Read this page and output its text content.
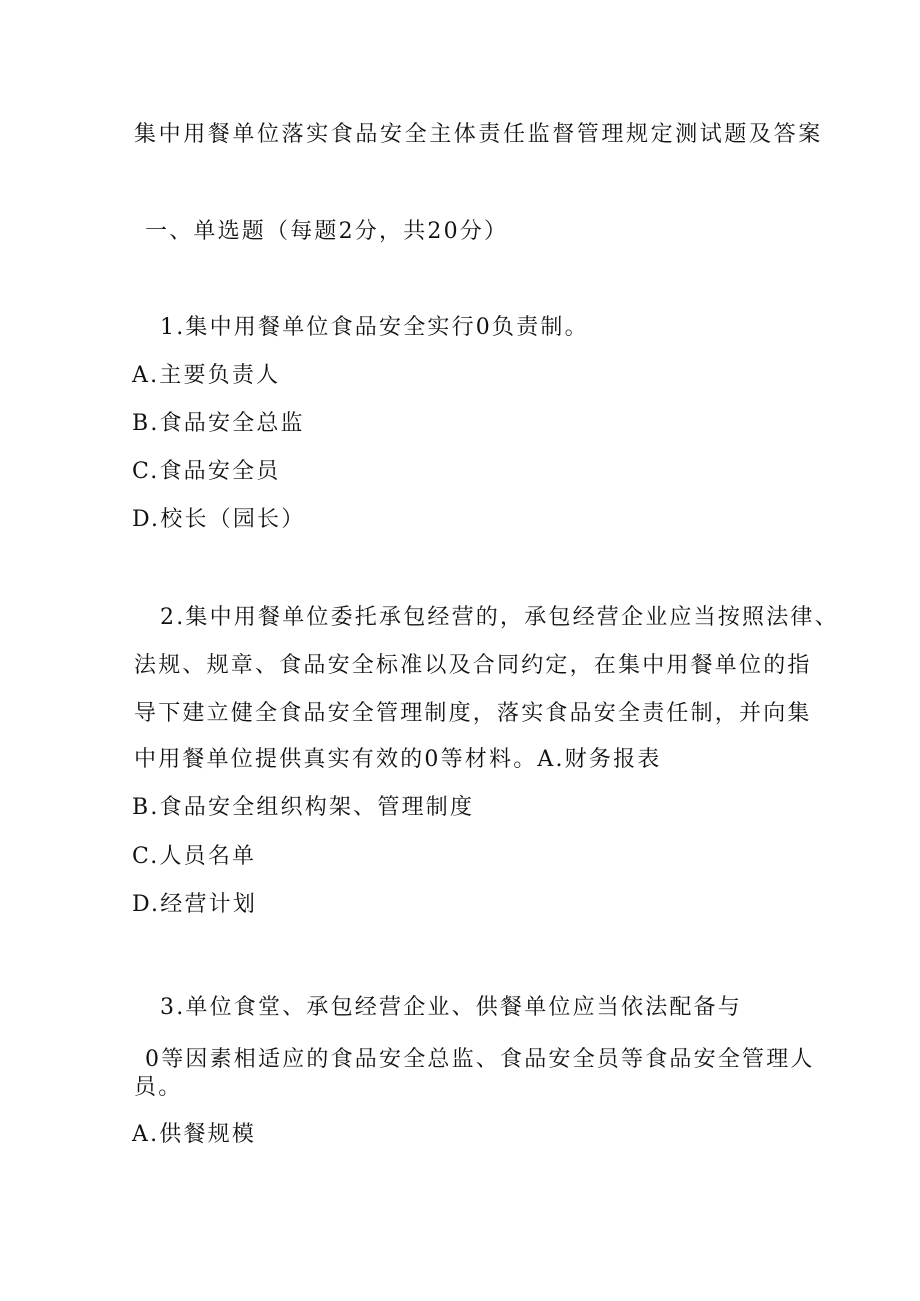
集中用餐单位落实食品安全主体责任监督管理规定测试题及答案
一、单选题（每题2分，共20分）
1.集中用餐单位食品安全实行0负责制。
A.主要负责人
B.食品安全总监
C.食品安全员
D.校长（园长）
2.集中用餐单位委托承包经营的，承包经营企业应当按照法律、
法规、规章、食品安全标准以及合同约定，在集中用餐单位的指
导下建立健全食品安全管理制度，落实食品安全责任制，并向集
中用餐单位提供真实有效的0等材料。A.财务报表
B.食品安全组织构架、管理制度
C.人员名单
D.经营计划
3.单位食堂、承包经营企业、供餐单位应当依法配备与
0等因素相适应的食品安全总监、食品安全员等食品安全管理人
员。
A.供餐规模
